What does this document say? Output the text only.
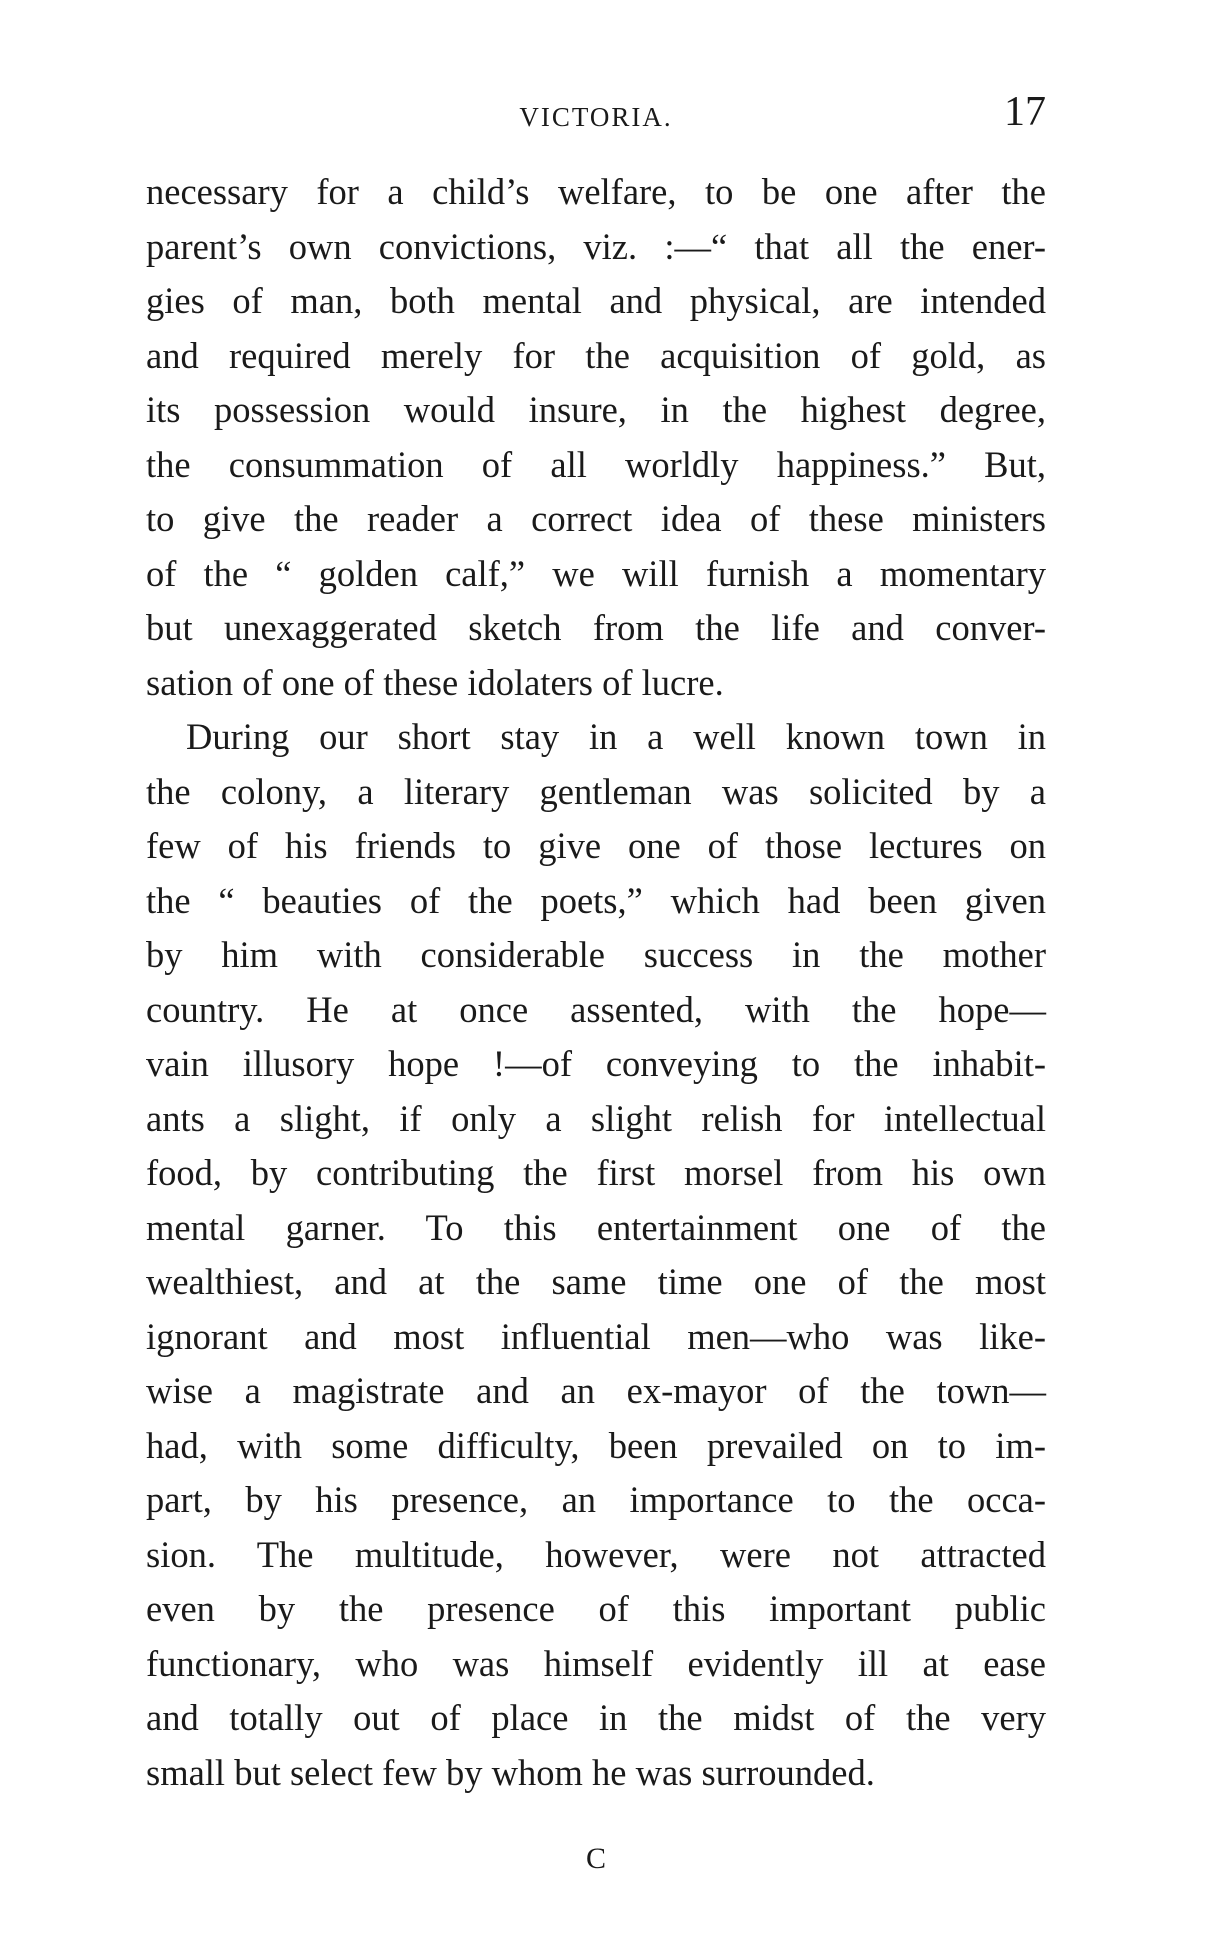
VICTORIA.	17
necessary for a child’s welfare, to be one after the
parent’s own convictions, viz. :—“ that all the ener-
gies of man, both mental and physical, are intended
and required merely for the acquisition of gold, as
its possession would insure, in the highest degree,
the consummation of all worldly happiness.” But,
to give the reader a correct idea of these ministers
of the “ golden calf,” we will furnish a momentary
but unexaggerated sketch from the life and conver-
sation of one of these idolaters of lucre.
During our short stay in a well known town in
the colony, a literary gentleman was solicited by a
few of his friends to give one of those lectures on
the “ beauties of the poets,” which had been given
by him with considerable success in the mother
country. He at once assented, with the hope—
vain illusory hope !—of conveying to the inhabit-
ants a slight, if only a slight relish for intellectual
food, by contributing the first morsel from his own
mental garner. To this entertainment one of the
wealthiest, and at the same time one of the most
ignorant and most influential men—who was like-
wise a magistrate and an ex-mayor of the town—
had, with some difficulty, been prevailed on to im-
part, by his presence, an importance to the occa-
sion. The multitude, however, were not attracted
even by the presence of this important public
functionary, who was himself evidently ill at ease
and totally out of place in the midst of the very
small but select few by whom he was surrounded.
C
